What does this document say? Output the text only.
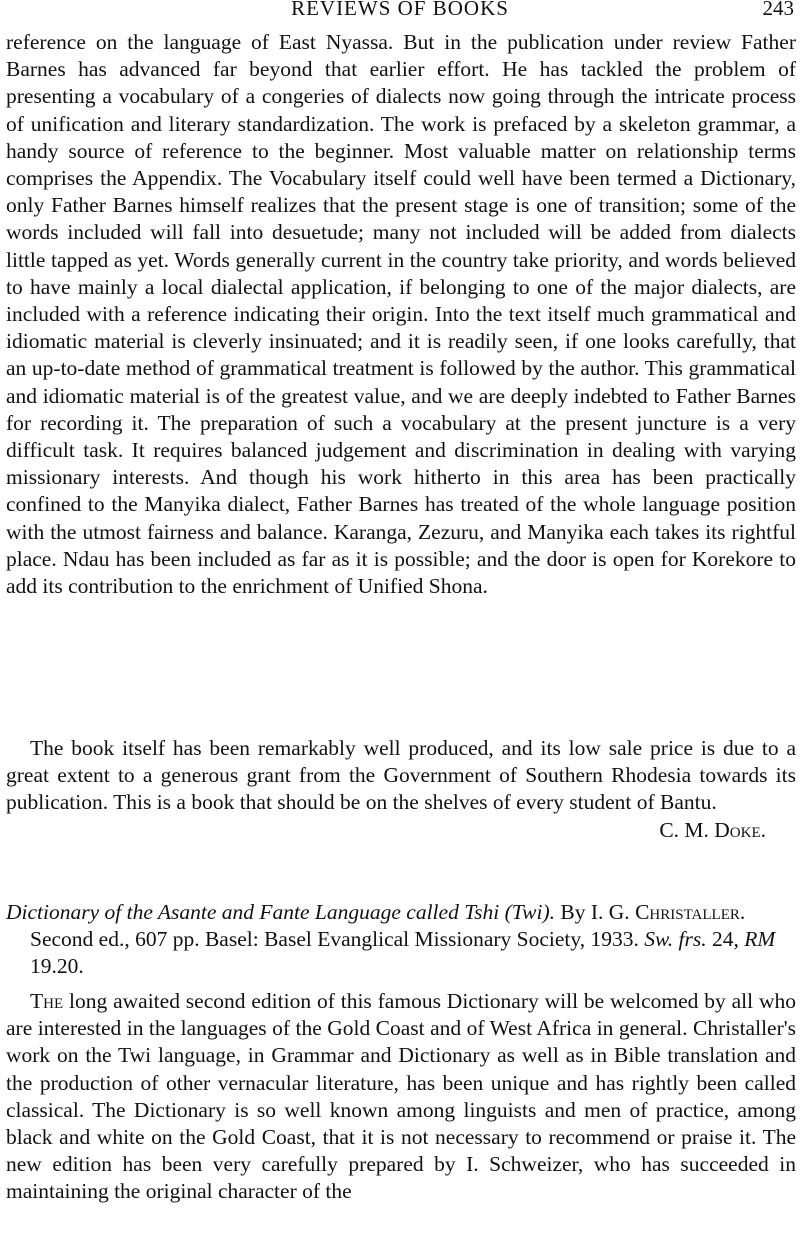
REVIEWS OF BOOKS	243

reference on the language of East Nyassa. But in the publication under review Father Barnes has advanced far beyond that earlier effort. He has tackled the problem of presenting a vocabulary of a congeries of dialects now going through the intricate process of unification and literary standardization. The work is prefaced by a skeleton grammar, a handy source of reference to the beginner. Most valuable matter on relationship terms comprises the Appendix. The Vocabulary itself could well have been termed a Dictionary, only Father Barnes himself realizes that the present stage is one of transition; some of the words included will fall into desuetude; many not included will be added from dialects little tapped as yet. Words generally current in the country take priority, and words believed to have mainly a local dialectal application, if belonging to one of the major dialects, are included with a reference indicating their origin. Into the text itself much grammatical and idiomatic material is cleverly insinuated; and it is readily seen, if one looks carefully, that an up-to-date method of grammatical treatment is followed by the author. This grammatical and idiomatic material is of the greatest value, and we are deeply indebted to Father Barnes for recording it. The preparation of such a vocabulary at the present juncture is a very difficult task. It requires balanced judgement and discrimination in dealing with varying missionary interests. And though his work hitherto in this area has been practically confined to the Manyika dialect, Father Barnes has treated of the whole language position with the utmost fairness and balance. Karanga, Zezuru, and Manyika each takes its rightful place. Ndau has been included as far as it is possible; and the door is open for Korekore to add its contribution to the enrichment of Unified Shona.

The book itself has been remarkably well produced, and its low sale price is due to a great extent to a generous grant from the Government of Southern Rhodesia towards its publication. This is a book that should be on the shelves of every student of Bantu.
C. M. Doke.

Dictionary of the Asante and Fante Language called Tshi (Twi). By I. G. Christaller. Second ed., 607 pp. Basel: Basel Evanglical Missionary Society, 1933. Sw. frs. 24, RM 19.20.

The long awaited second edition of this famous Dictionary will be welcomed by all who are interested in the languages of the Gold Coast and of West Africa in general. Christaller's work on the Twi language, in Grammar and Dictionary as well as in Bible translation and the production of other vernacular literature, has been unique and has rightly been called classical. The Dictionary is so well known among linguists and men of practice, among black and white on the Gold Coast, that it is not necessary to recommend or praise it. The new edition has been very carefully prepared by I. Schweizer, who has succeeded in maintaining the original character of the
